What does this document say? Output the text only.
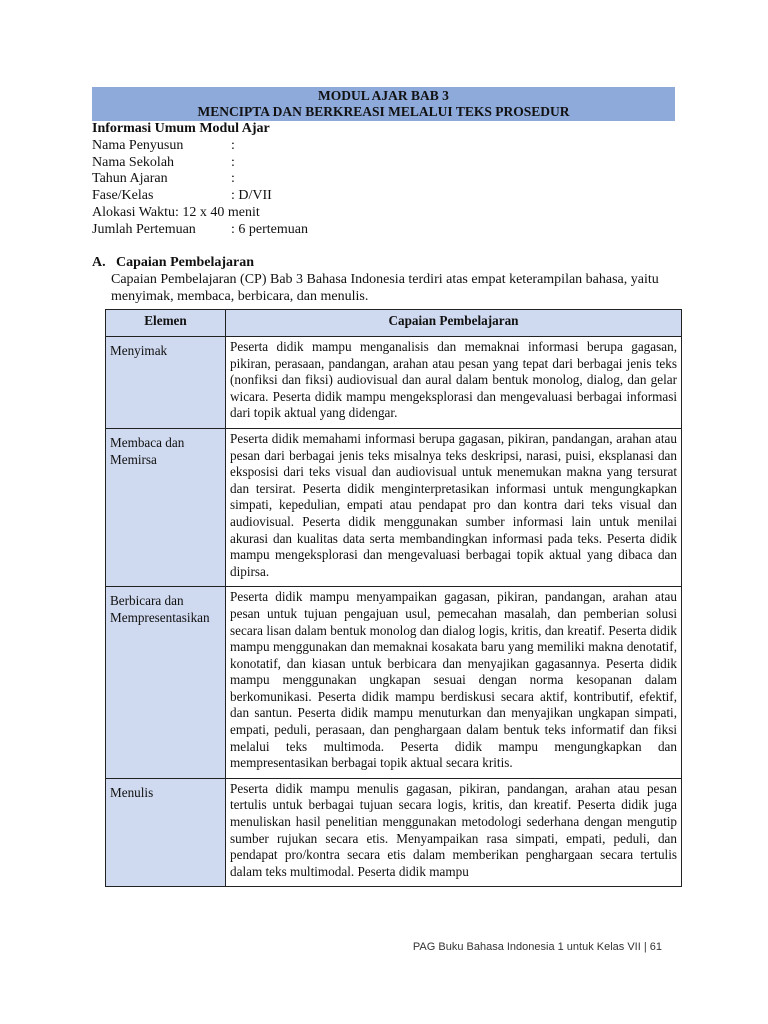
MODUL AJAR BAB 3
MENCIPTA DAN BERKREASI MELALUI TEKS PROSEDUR
Informasi Umum Modul Ajar
Nama Penyusun	:
Nama Sekolah	:
Tahun Ajaran	:
Fase/Kelas	: D/VII
Alokasi Waktu: 12 x 40 menit
Jumlah Pertemuan	: 6 pertemuan
A. Capaian Pembelajaran
Capaian Pembelajaran (CP) Bab 3 Bahasa Indonesia terdiri atas empat keterampilan bahasa, yaitu menyimak, membaca, berbicara, dan menulis.
Elemen	Capaian Pembelajaran
Menyimak	Peserta didik mampu menganalisis dan memaknai informasi berupa gagasan, pikiran, perasaan, pandangan, arahan atau pesan yang tepat dari berbagai jenis teks (nonfiksi dan fiksi) audiovisual dan aural dalam bentuk monolog, dialog, dan gelar wicara. Peserta didik mampu mengeksplorasi dan mengevaluasi berbagai informasi dari topik aktual yang didengar.
Membaca dan Memirsa	Peserta didik memahami informasi berupa gagasan, pikiran, pandangan, arahan atau pesan dari berbagai jenis teks misalnya teks deskripsi, narasi, puisi, eksplanasi dan eksposisi dari teks visual dan audiovisual untuk menemukan makna yang tersurat dan tersirat. Peserta didik menginterpretasikan informasi untuk mengungkapkan simpati, kepedulian, empati atau pendapat pro dan kontra dari teks visual dan audiovisual. Peserta didik menggunakan sumber informasi lain untuk menilai akurasi dan kualitas data serta membandingkan informasi pada teks. Peserta didik mampu mengeksplorasi dan mengevaluasi berbagai topik aktual yang dibaca dan dipirsa.
Berbicara dan Mempresentasikan	Peserta didik mampu menyampaikan gagasan, pikiran, pandangan, arahan atau pesan untuk tujuan pengajuan usul, pemecahan masalah, dan pemberian solusi secara lisan dalam bentuk monolog dan dialog logis, kritis, dan kreatif. Peserta didik mampu menggunakan dan memaknai kosakata baru yang memiliki makna denotatif, konotatif, dan kiasan untuk berbicara dan menyajikan gagasannya. Peserta didik mampu menggunakan ungkapan sesuai dengan norma kesopanan dalam berkomunikasi. Peserta didik mampu berdiskusi secara aktif, kontributif, efektif, dan santun. Peserta didik mampu menuturkan dan menyajikan ungkapan simpati, empati, peduli, perasaan, dan penghargaan dalam bentuk teks informatif dan fiksi melalui teks multimoda. Peserta didik mampu mengungkapkan dan mempresentasikan berbagai topik aktual secara kritis.
Menulis	Peserta didik mampu menulis gagasan, pikiran, pandangan, arahan atau pesan tertulis untuk berbagai tujuan secara logis, kritis, dan kreatif. Peserta didik juga menuliskan hasil penelitian menggunakan metodologi sederhana dengan mengutip sumber rujukan secara etis. Menyampaikan rasa simpati, empati, peduli, dan pendapat pro/kontra secara etis dalam memberikan penghargaan secara tertulis dalam teks multimodal. Peserta didik mampu
PAG Buku Bahasa Indonesia 1 untuk Kelas VII | 61
